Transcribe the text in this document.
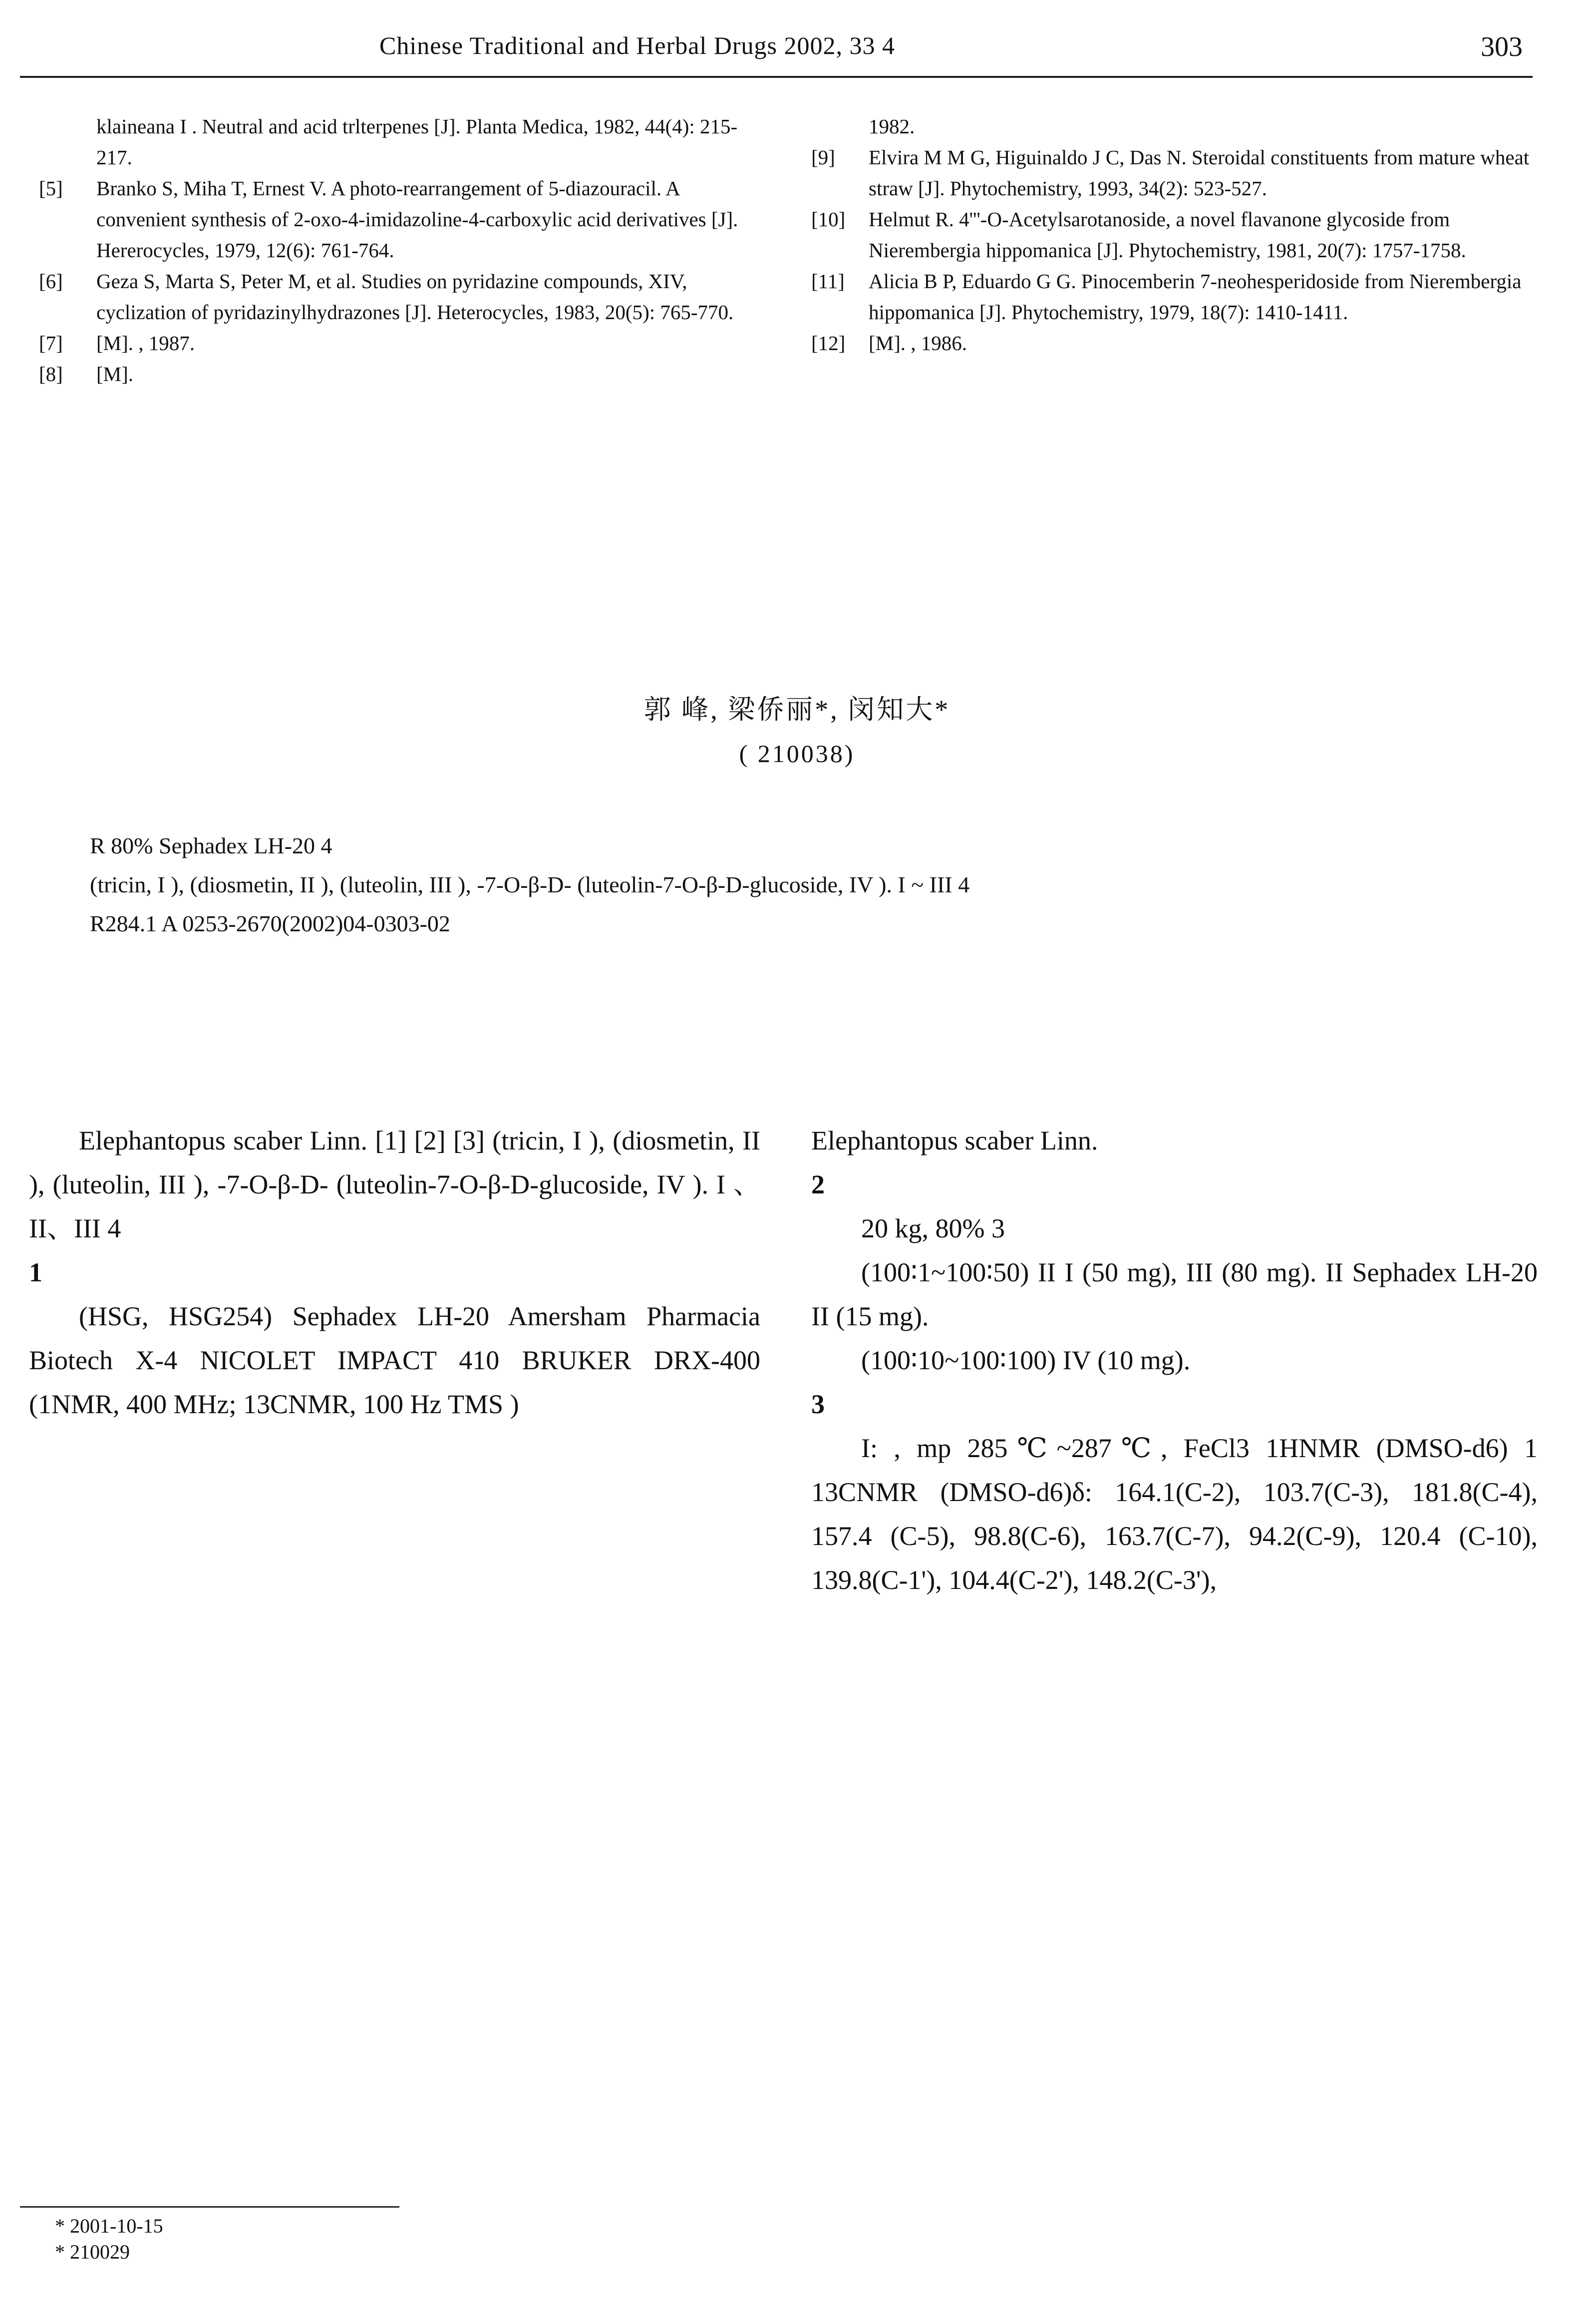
Chinese Traditional and Herbal Drugs 2002, 33 4	303
klaineana I . Neutral and acid trlterpenes [J]. Planta Medica, 1982, 44(4): 215-217.
[5] Branko S, Miha T, Ernest V. A photo-rearrangement of 5-diazouracil. A convenient synthesis of 2-oxo-4-imidazoline-4-carboxylic acid derivatives [J]. Hererocycles, 1979, 12(6): 761-764.
[6] Geza S, Marta S, Peter M, et al. Studies on pyridazine compounds, XIV, cyclization of pyridazinylhydrazones [J]. Heterocycles, 1983, 20(5): 765-770.
[7] [M]. , 1987.
[8] [M].
1982.
[9] Elvira M M G, Higuinaldo J C, Das N. Steroidal constituents from mature wheat straw [J]. Phytochemistry, 1993, 34(2): 523-527.
[10] Helmut R. 4'''-O-Acetylsarotanoside, a novel flavanone glycoside from Nierembergia hippomanica [J]. Phytochemistry, 1981, 20(7): 1757-1758.
[11] Alicia B P, Eduardo G G. Pinocemberin 7-neohesperidoside from Nierembergia hippomanica [J]. Phytochemistry, 1979, 18(7): 1410-1411.
[12] [M]. , 1986.
郭 峰, 梁侨丽*, 闵知大*
( 210038)

R 80% Sephadex LH-20 4

(tricin, I ), (diosmetin, II ), (luteolin, III ), -7-O-β-D- (luteolin-7-O-β-D-glucoside, IV ). I ~ III 4

R284.1 A 0253-2670(2002)04-0303-02

Elephantopus scaber Linn. [1] [2] [3] (tricin, I ), (diosmetin, II ), (luteolin, III ), -7-O-β-D- (luteolin-7-O-β-D-glucoside, IV ). I 、II、III 4

1

(HSG, HSG254) Sephadex LH-20 Amersham Pharmacia Biotech X-4 NICOLET IMPACT 410 BRUKER DRX-400 (1NMR, 400 MHz; 13CNMR, 100 Hz TMS )

Elephantopus scaber Linn.

2

20 kg, 80% 3

(100∶1~100∶50) II I (50 mg), III (80 mg). II Sephadex LH-20 II (15 mg).

(100∶10~100∶100) IV (10 mg).

3

I: , mp 285℃~287℃, FeCl3 1HNMR (DMSO-d6) 1 13CNMR (DMSO-d6)δ: 164.1(C-2), 103.7(C-3), 181.8(C-4), 157.4 (C-5), 98.8(C-6), 163.7(C-7), 94.2(C-9), 120.4 (C-10), 139.8(C-1'), 104.4(C-2'), 148.2(C-3'),

* 2001-10-15

* 210029
